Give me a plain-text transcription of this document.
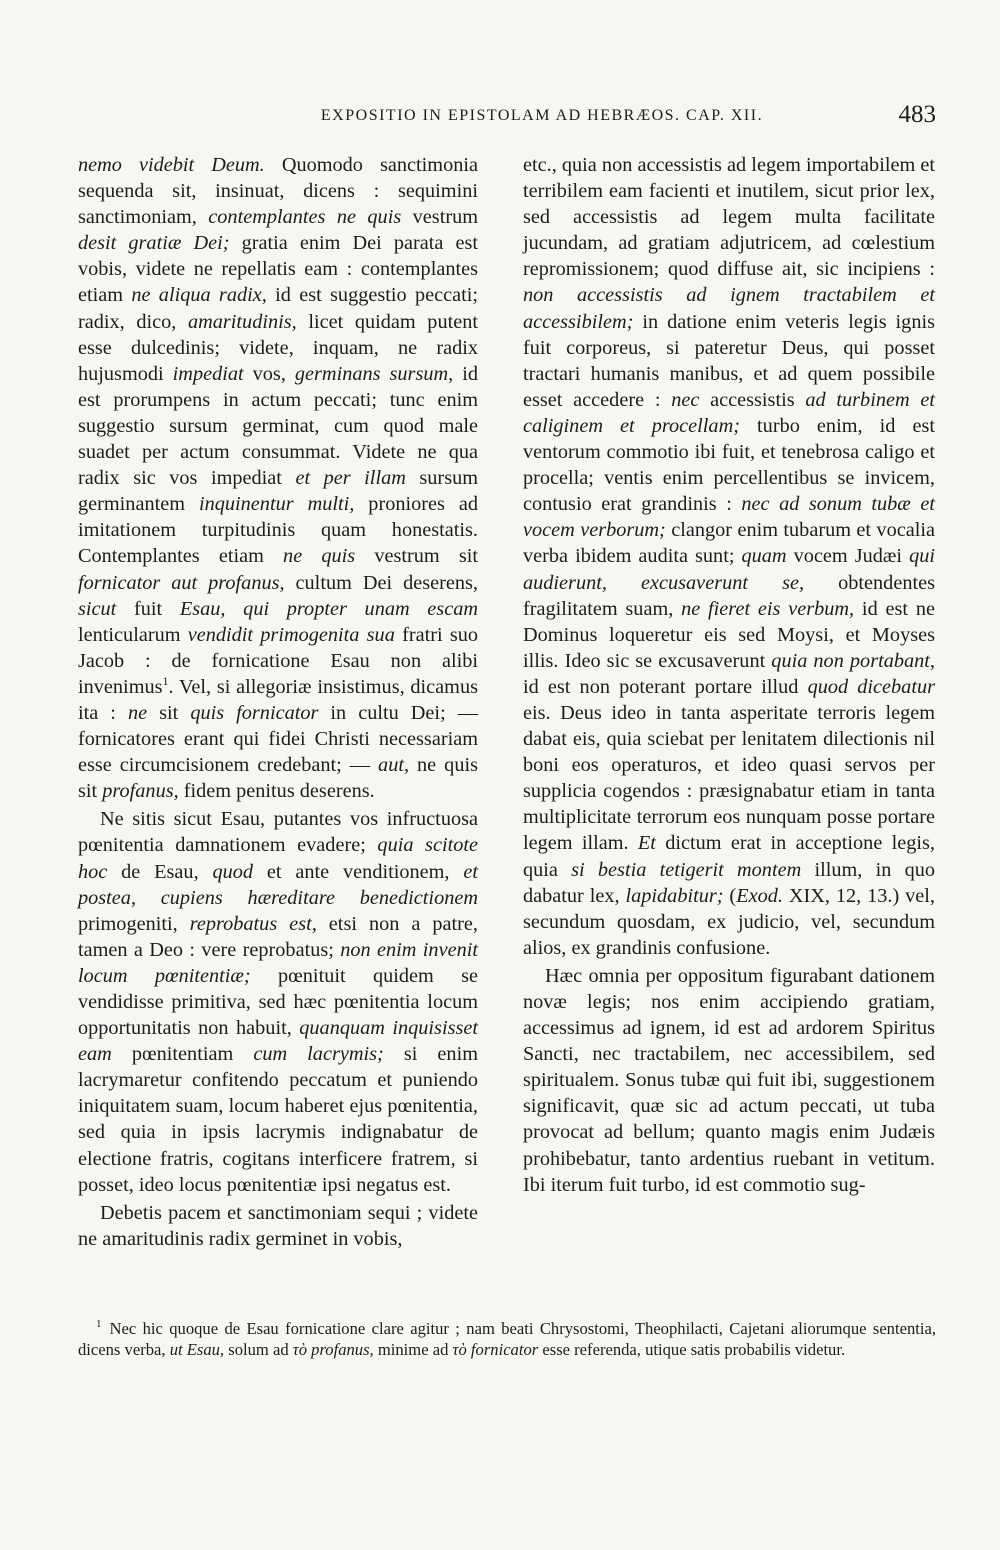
EXPOSITIO IN EPISTOLAM AD HEBRÆOS. CAP. XII.	483

nemo videbit Deum. Quomodo sanctimonia sequenda sit, insinuat, dicens : sequimini sanctimoniam, contemplantes ne quis vestrum desit gratiæ Dei; gratia enim Dei parata est vobis, videte ne repellatis eam : contemplantes etiam ne aliqua radix, id est suggestio peccati; radix, dico, amaritudinis, licet quidam putent esse dulcedinis; videte, inquam, ne radix hujusmodi impediat vos, germinans sursum, id est prorumpens in actum peccati; tunc enim suggestio sursum germinat, cum quod male suadet per actum consummat. Videte ne qua radix sic vos impediat et per illam sursum germinantem inquinentur multi, proniores ad imitationem turpitudinis quam honestatis. Contemplantes etiam ne quis vestrum sit fornicator aut profanus, cultum Dei deserens, sicut fuit Esau, qui propter unam escam lenticularum vendidit primogenita sua fratri suo Jacob : de fornicatione Esau non alibi invenimus$^1$. Vel, si allegoriæ insistimus, dicamus ita : ne sit quis fornicator in cultu Dei; — fornicatores erant qui fidei Christi necessariam esse circumcisionem credebant; — aut, ne quis sit profanus, fidem penitus deserens.

Ne sitis sicut Esau, putantes vos infructuosa pœnitentia damnationem evadere; quia scitote hoc de Esau, quod et ante venditionem, et postea, cupiens hæreditare benedictionem primogeniti, reprobatus est, etsi non a patre, tamen a Deo : vere reprobatus; non enim invenit locum pœnitentiæ; pœnituit quidem se vendidisse primitiva, sed hæc pœnitentia locum opportunitatis non habuit, quanquam inquisisset eam pœnitentiam cum lacrymis; si enim lacrymaretur confitendo peccatum et puniendo iniquitatem suam, locum haberet ejus pœnitentia, sed quia in ipsis lacrymis indignabatur de electione fratris, cogitans interficere fratrem, si posset, ideo locus pœnitentiæ ipsi negatus est.

Debetis pacem et sanctimoniam sequi ; videte ne amaritudinis radix germinet in vobis,

etc., quia non accessistis ad legem importabilem et terribilem eam facienti et inutilem, sicut prior lex, sed accessistis ad legem multa facilitate jucundam, ad gratiam adjutricem, ad cœlestium repromissionem; quod diffuse ait, sic incipiens : non accessistis ad ignem tractabilem et accessibilem; in datione enim veteris legis ignis fuit corporeus, si pateretur Deus, qui posset tractari humanis manibus, et ad quem possibile esset accedere : nec accessistis ad turbinem et caliginem et procellam; turbo enim, id est ventorum commotio ibi fuit, et tenebrosa caligo et procella; ventis enim percellentibus se invicem, contusio erat grandinis : nec ad sonum tubæ et vocem verborum; clangor enim tubarum et vocalia verba ibidem audita sunt; quam vocem Judæi qui audierunt, excusaverunt se, obtendentes fragilitatem suam, ne fieret eis verbum, id est ne Dominus loqueretur eis sed Moysi, et Moyses illis. Ideo sic se excusaverunt quia non portabant, id est non poterant portare illud quod dicebatur eis. Deus ideo in tanta asperitate terroris legem dabat eis, quia sciebat per lenitatem dilectionis nil boni eos operaturos, et ideo quasi servos per supplicia cogendos : præsignabatur etiam in tanta multiplicitate terrorum eos nunquam posse portare legem illam. Et dictum erat in acceptione legis, quia si bestia tetigerit montem illum, in quo dabatur lex, lapidabitur; (Exod. XIX, 12, 13.) vel, secundum quosdam, ex judicio, vel, secundum alios, ex grandinis confusione.

Hæc omnia per oppositum figurabant dationem novæ legis; nos enim accipiendo gratiam, accessimus ad ignem, id est ad ardorem Spiritus Sancti, nec tractabilem, nec accessibilem, sed spiritualem. Sonus tubæ qui fuit ibi, suggestionem significavit, quæ sic ad actum peccati, ut tuba provocat ad bellum; quanto magis enim Judæis prohibebatur, tanto ardentius ruebant in vetitum. Ibi iterum fuit turbo, id est commotio sug-

$^1$ Nec hic quoque de Esau fornicatione clare agitur ; nam beati Chrysostomi, Theophilacti, Cajetani aliorumque sententia, dicens verba, ut Esau, solum ad τὸ profanus, minime ad τὸ fornicator esse referenda, utique satis probabilis videtur.
